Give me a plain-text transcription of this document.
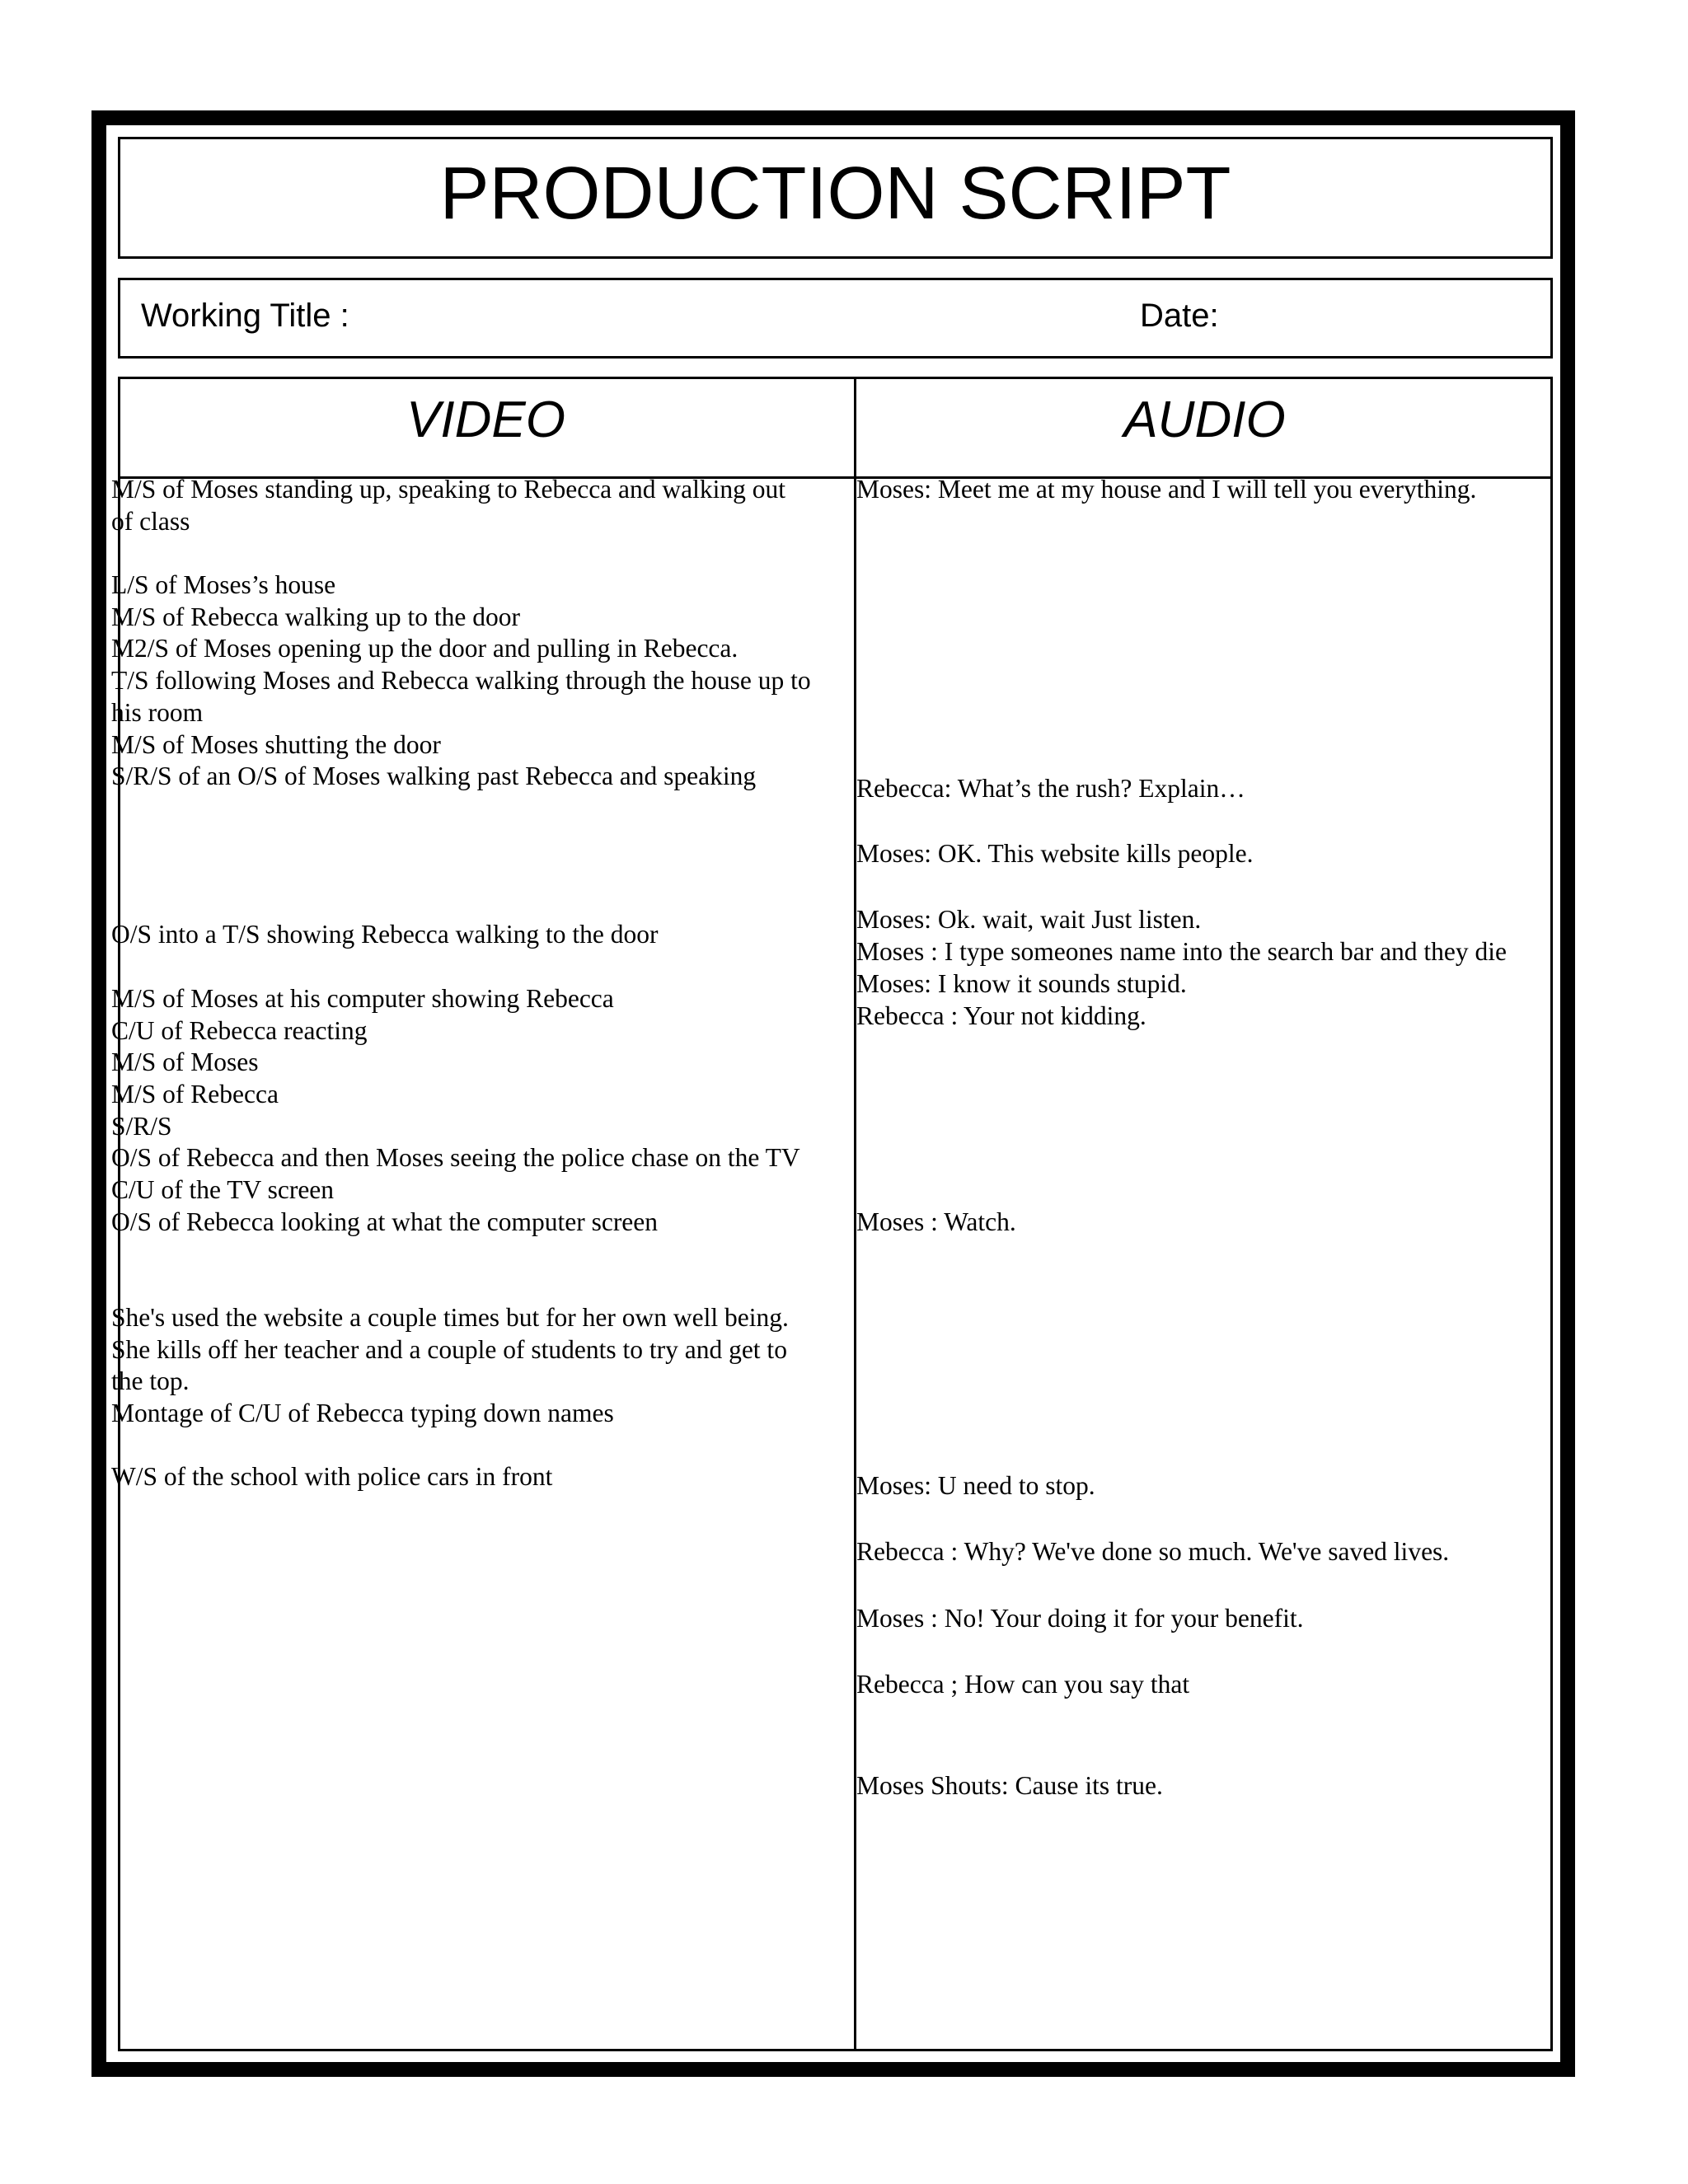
PRODUCTION SCRIPT
Working Title :	Date:
VIDEO	AUDIO
M/S of Moses standing up, speaking to Rebecca and walking out
of class
L/S of Moses’s house
M/S of Rebecca walking up to the door
M2/S of Moses opening up the door and pulling in Rebecca.
T/S following Moses and Rebecca walking through the house up to
his room
M/S of Moses shutting the door
S/R/S of an O/S of Moses walking past Rebecca and speaking
O/S into a T/S showing Rebecca walking to the door
M/S of Moses at his computer showing Rebecca
C/U of Rebecca reacting
M/S of Moses
M/S of Rebecca
S/R/S
O/S of Rebecca and then Moses seeing the police chase on the TV
C/U of the TV screen
O/S of Rebecca looking at what the computer screen
She's used the website a couple times but for her own well being.
She kills off her teacher and a couple of students to try and get to
the top.
Montage of C/U of Rebecca typing down names
W/S of the school with police cars in front
Moses: Meet me at my house and I will tell you everything.
Rebecca: What’s the rush? Explain…
Moses: OK. This website kills people.
Moses: Ok. wait, wait Just listen.
Moses : I type someones name into the search bar and they die
Moses: I know it sounds stupid.
Rebecca : Your not kidding.
Moses : Watch.
Moses: U need to stop.
Rebecca : Why? We've done so much. We've saved lives.
Moses : No! Your doing it for your benefit.
Rebecca ; How can you say that
Moses Shouts: Cause its true.
